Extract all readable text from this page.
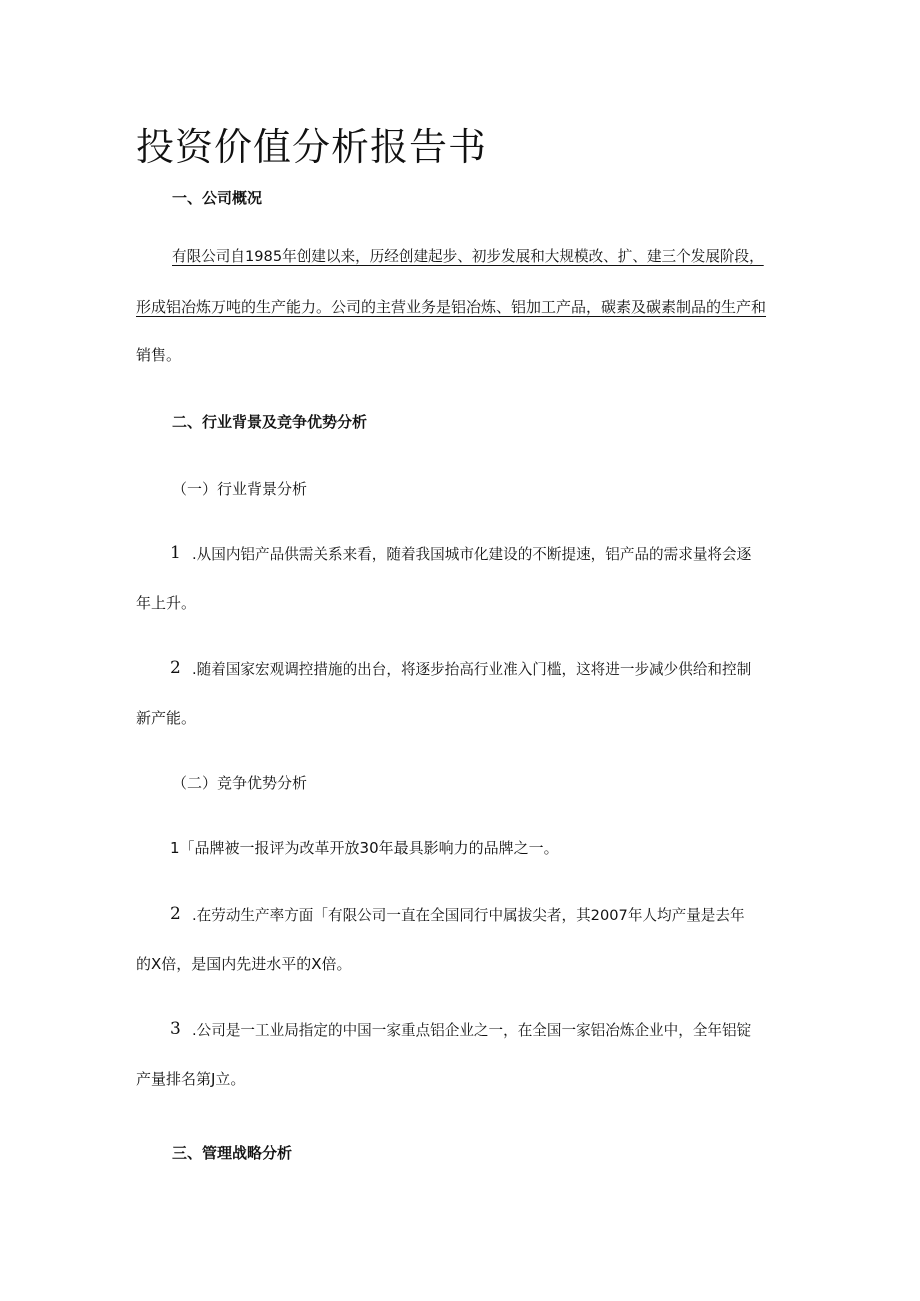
投资价值分析报告书
一、公司概况
有限公司自1985年创建以来，历经创建起步、初步发展和大规模改、扩、建三个发展阶段，
形成铝冶炼万吨的生产能力。公司的主营业务是铝冶炼、铝加工产品，碳素及碳素制品的生产和
销售。
二、行业背景及竞争优势分析
（一）行业背景分析
1 .从国内铝产品供需关系来看，随着我国城市化建设的不断提速，铝产品的需求量将会逐
年上升。
2 .随着国家宏观调控措施的出台，将逐步抬高行业准入门槛，这将进一步减少供给和控制
新产能。
（二）竞争优势分析
1「品牌被一报评为改革开放30年最具影响力的品牌之一。
2 .在劳动生产率方面「有限公司一直在全国同行中属拔尖者，其2007年人均产量是去年
的X倍，是国内先进水平的X倍。
3 .公司是一工业局指定的中国一家重点铝企业之一，在全国一家铝冶炼企业中，全年铝锭
产量排名第J立。
三、管理战略分析
